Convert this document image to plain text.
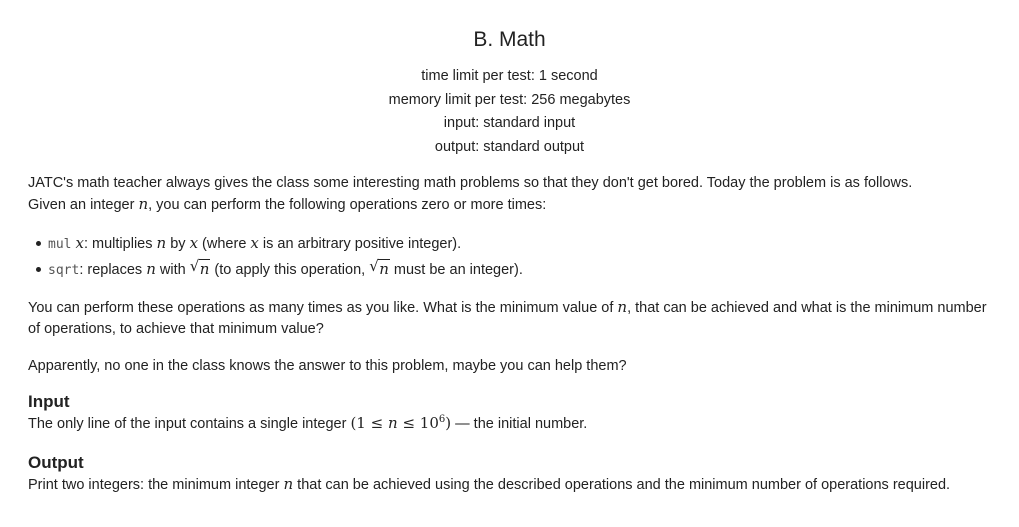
B. Math
time limit per test: 1 second
memory limit per test: 256 megabytes
input: standard input
output: standard output

JATC's math teacher always gives the class some interesting math problems so that they don't get bored. Today the problem is as follows.
Given an integer n, you can perform the following operations zero or more times:

mul x: multiplies n by x (where x is an arbitrary positive integer).
sqrt: replaces n with √ n (to apply this operation, √ n must be an integer).

You can perform these operations as many times as you like. What is the minimum value of n, that can be achieved and what is the minimum number of operations, to achieve that minimum value?

Apparently, no one in the class knows the answer to this problem, maybe you can help them?

Input

The only line of the input contains a single integer $(1 \le n \le 10^6)$ — the initial number.

Output

Print two integers: the minimum integer n that can be achieved using the described operations and the minimum number of operations required.
